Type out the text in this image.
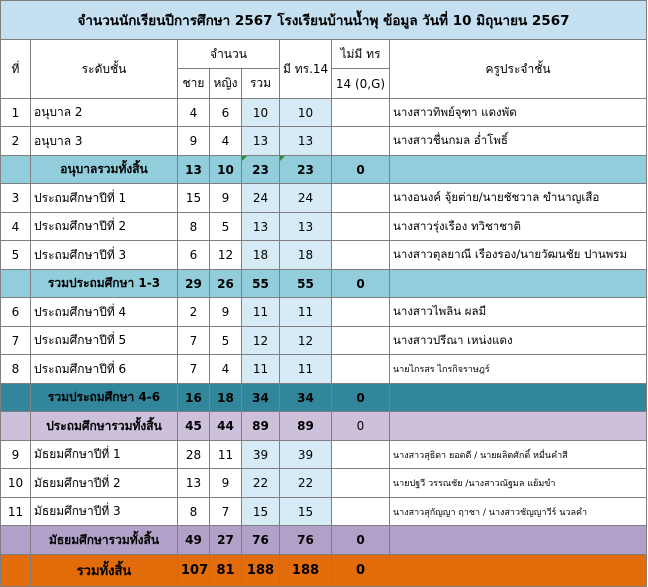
จำนวนนักเรียนปีการศึกษา 2567 โรงเรียนบ้านน้ำพุ ข้อมูล วันที่ 10 มิถุนายน 2567							
ที่	ระดับชั้น	จำนวน			มี ทร.14	ไม่มี ทร	ครูประจำชั้น
		ชาย	หญิง	รวม		14 (0,G)	
1	อนุบาล 2	4	6	10	10		นางสาวทิพย์จุฑา แดงพัด
2	อนุบาล 3	9	4	13	13		นางสาวชื่นกมล อ่ำโพธิ์
	อนุบาลรวมทั้งสิ้น	13	10	23	23	0	
3	ประถมศึกษาปีที่ 1	15	9	24	24		นางอนงค์ จุ้ยต่าย/นายชัชวาล ขำนาญเสือ
4	ประถมศึกษาปีที่ 2	8	5	13	13		นางสาวรุ่งเรือง ทวิชาชาติ
5	ประถมศึกษาปีที่ 3	6	12	18	18		นางสาวตุลยาณี เรืองรอง/นายวัฒนชัย ปานพรม
	รวมประถมศึกษา 1-3	29	26	55	55	0	
6	ประถมศึกษาปีที่ 4	2	9	11	11		นางสาวไพลิน ผลมี
7	ประถมศึกษาปีที่ 5	7	5	12	12		นางสาวปรีณา เหน่งแดง
8	ประถมศึกษาปีที่ 6	7	4	11	11		นายไกรสร ไกรกิจราษฎร์
	รวมประถมศึกษา 4-6	16	18	34	34	0	
	ประถมศึกษารวมทั้งสิ้น	45	44	89	89	0	
9	มัธยมศึกษาปีที่ 1	28	11	39	39		นางสาวสุธิดา ยอดดี / นายผลิตศักดิ์ หมื่นคำสี
10	มัธยมศึกษาปีที่ 2	13	9	22	22		นายปฐวี วรรณชัย /นางสาวณัฐมล แย้มขำ
11	มัธยมศึกษาปีที่ 3	8	7	15	15		นางสาวสุกัญญา ฤาชา / นางสาวชัญญาวีร์ นวลคำ
	มัธยมศึกษารวมทั้งสิ้น	49	27	76	76	0	
	รวมทั้งสิ้น	107	81	188	188	0	
